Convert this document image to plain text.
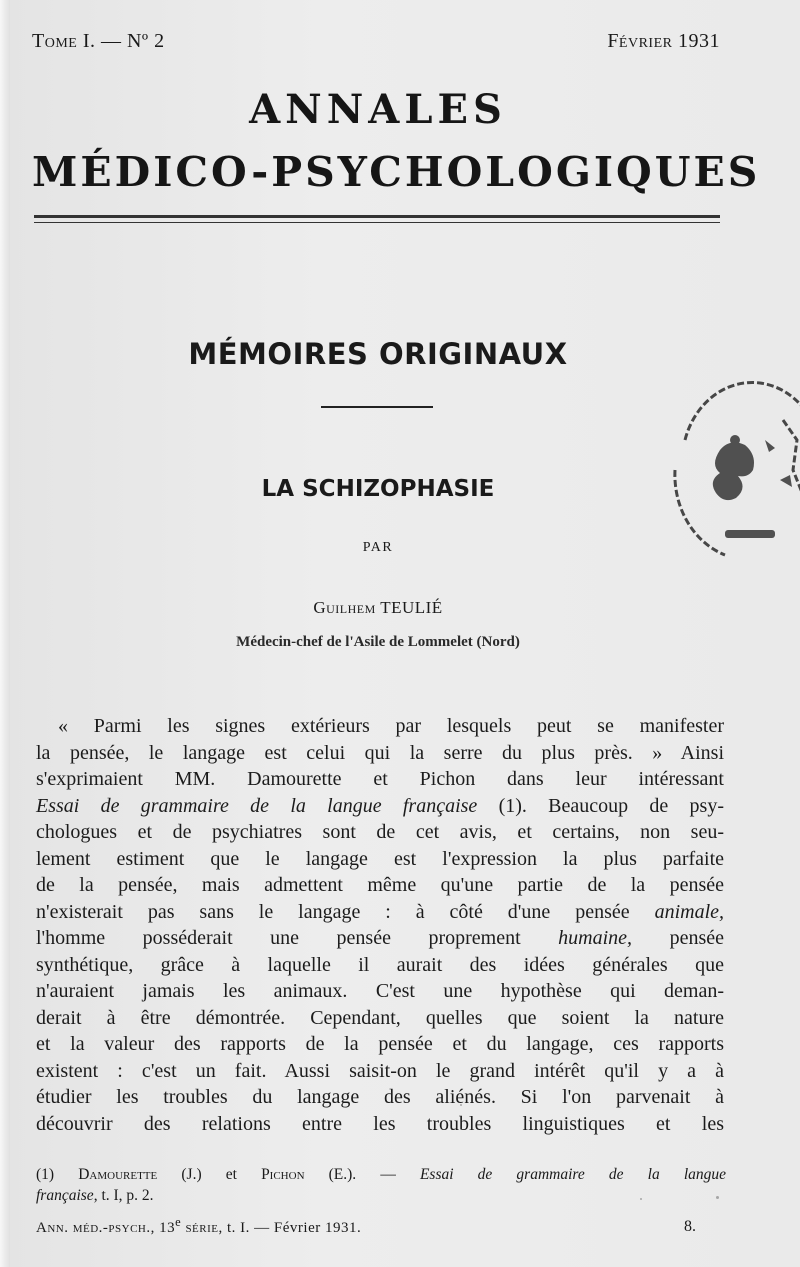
Tome I. — Nº 2	Février 1931
ANNALES
MÉDICO-PSYCHOLOGIQUES
MÉMOIRES ORIGINAUX
LA SCHIZOPHASIE
PAR
Guilhem TEULIÉ
Médecin-chef de l'Asile de Lommelet (Nord)
« Parmi les signes extérieurs par lesquels peut se manifester
la pensée, le langage est celui qui la serre du plus près. » Ainsi
s'exprimaient MM. Damourette et Pichon dans leur intéressant
Essai de grammaire de la langue française (1). Beaucoup de psy-
chologues et de psychiatres sont de cet avis, et certains, non seu-
lement estiment que le langage est l'expression la plus parfaite
de la pensée, mais admettent même qu'une partie de la pensée
n'existerait pas sans le langage : à côté d'une pensée animale,
l'homme posséderait une pensée proprement humaine, pensée
synthétique, grâce à laquelle il aurait des idées générales que
n'auraient jamais les animaux. C'est une hypothèse qui deman-
derait à être démontrée. Cependant, quelles que soient la nature
et la valeur des rapports de la pensée et du langage, ces rapports
existent : c'est un fait. Aussi saisit-on le grand intérêt qu'il y a à
étudier les troubles du langage des aliénés. Si l'on parvenait à
découvrir des relations entre les troubles linguistiques et les
(1) Damourette (J.) et Pichon (E.). — Essai de grammaire de la langue
française, t. I, p. 2.
Ann. méd.-psych., 13e série, t. I. — Février 1931.	8.
